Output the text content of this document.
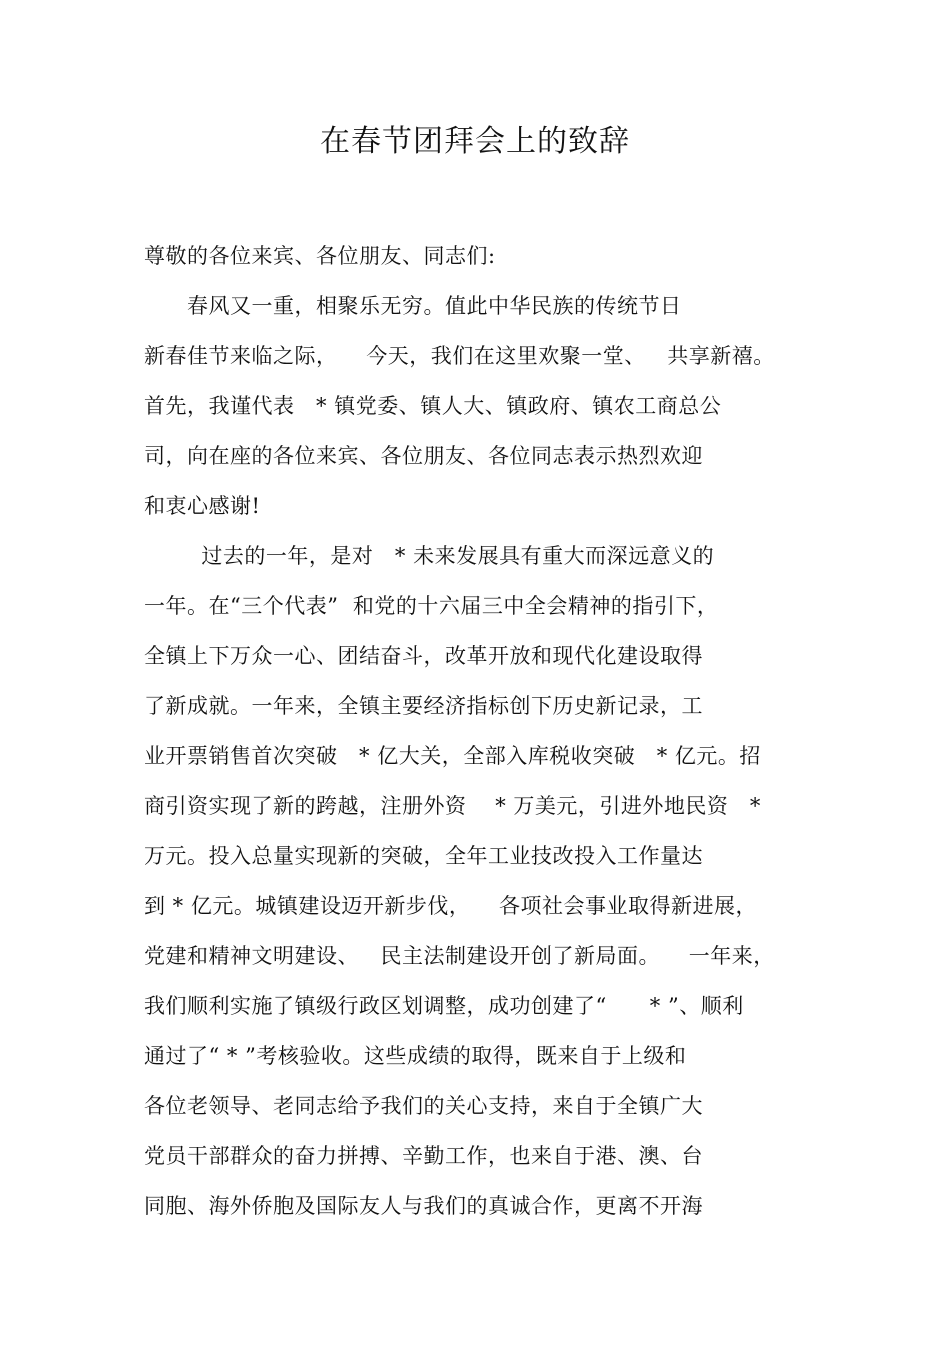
在春节团拜会上的致辞
尊敬的各位来宾、各位朋友、同志们:
春风又一重，相聚乐无穷。值此中华民族的传统节日
新春佳节来临之际，    今天，我们在这里欢聚一堂、   共享新禧。
首先，我谨代表   * 镇党委、镇人大、镇政府、镇农工商总公
司，向在座的各位来宾、各位朋友、各位同志表示热烈欢迎
和衷心感谢!
过去的一年，是对   * 未来发展具有重大而深远意义的
一年。在“三个代表”  和党的十六届三中全会精神的指引下，
全镇上下万众一心、团结奋斗，改革开放和现代化建设取得
了新成就。一年来，全镇主要经济指标创下历史新记录，工
业开票销售首次突破   * 亿大关，全部入库税收突破   * 亿元。招
商引资实现了新的跨越，注册外资    * 万美元，引进外地民资   *
万元。投入总量实现新的突破，全年工业技改投入工作量达
到 * 亿元。城镇建设迈开新步伐，    各项社会事业取得新进展，
党建和精神文明建设、   民主法制建设开创了新局面。    一年来，
我们顺利实施了镇级行政区划调整，成功创建了“      * ”、顺利
通过了“ * ”考核验收。这些成绩的取得，既来自于上级和
各位老领导、老同志给予我们的关心支持，来自于全镇广大
党员干部群众的奋力拼搏、辛勤工作，也来自于港、澳、台
同胞、海外侨胞及国际友人与我们的真诚合作，更离不开海
